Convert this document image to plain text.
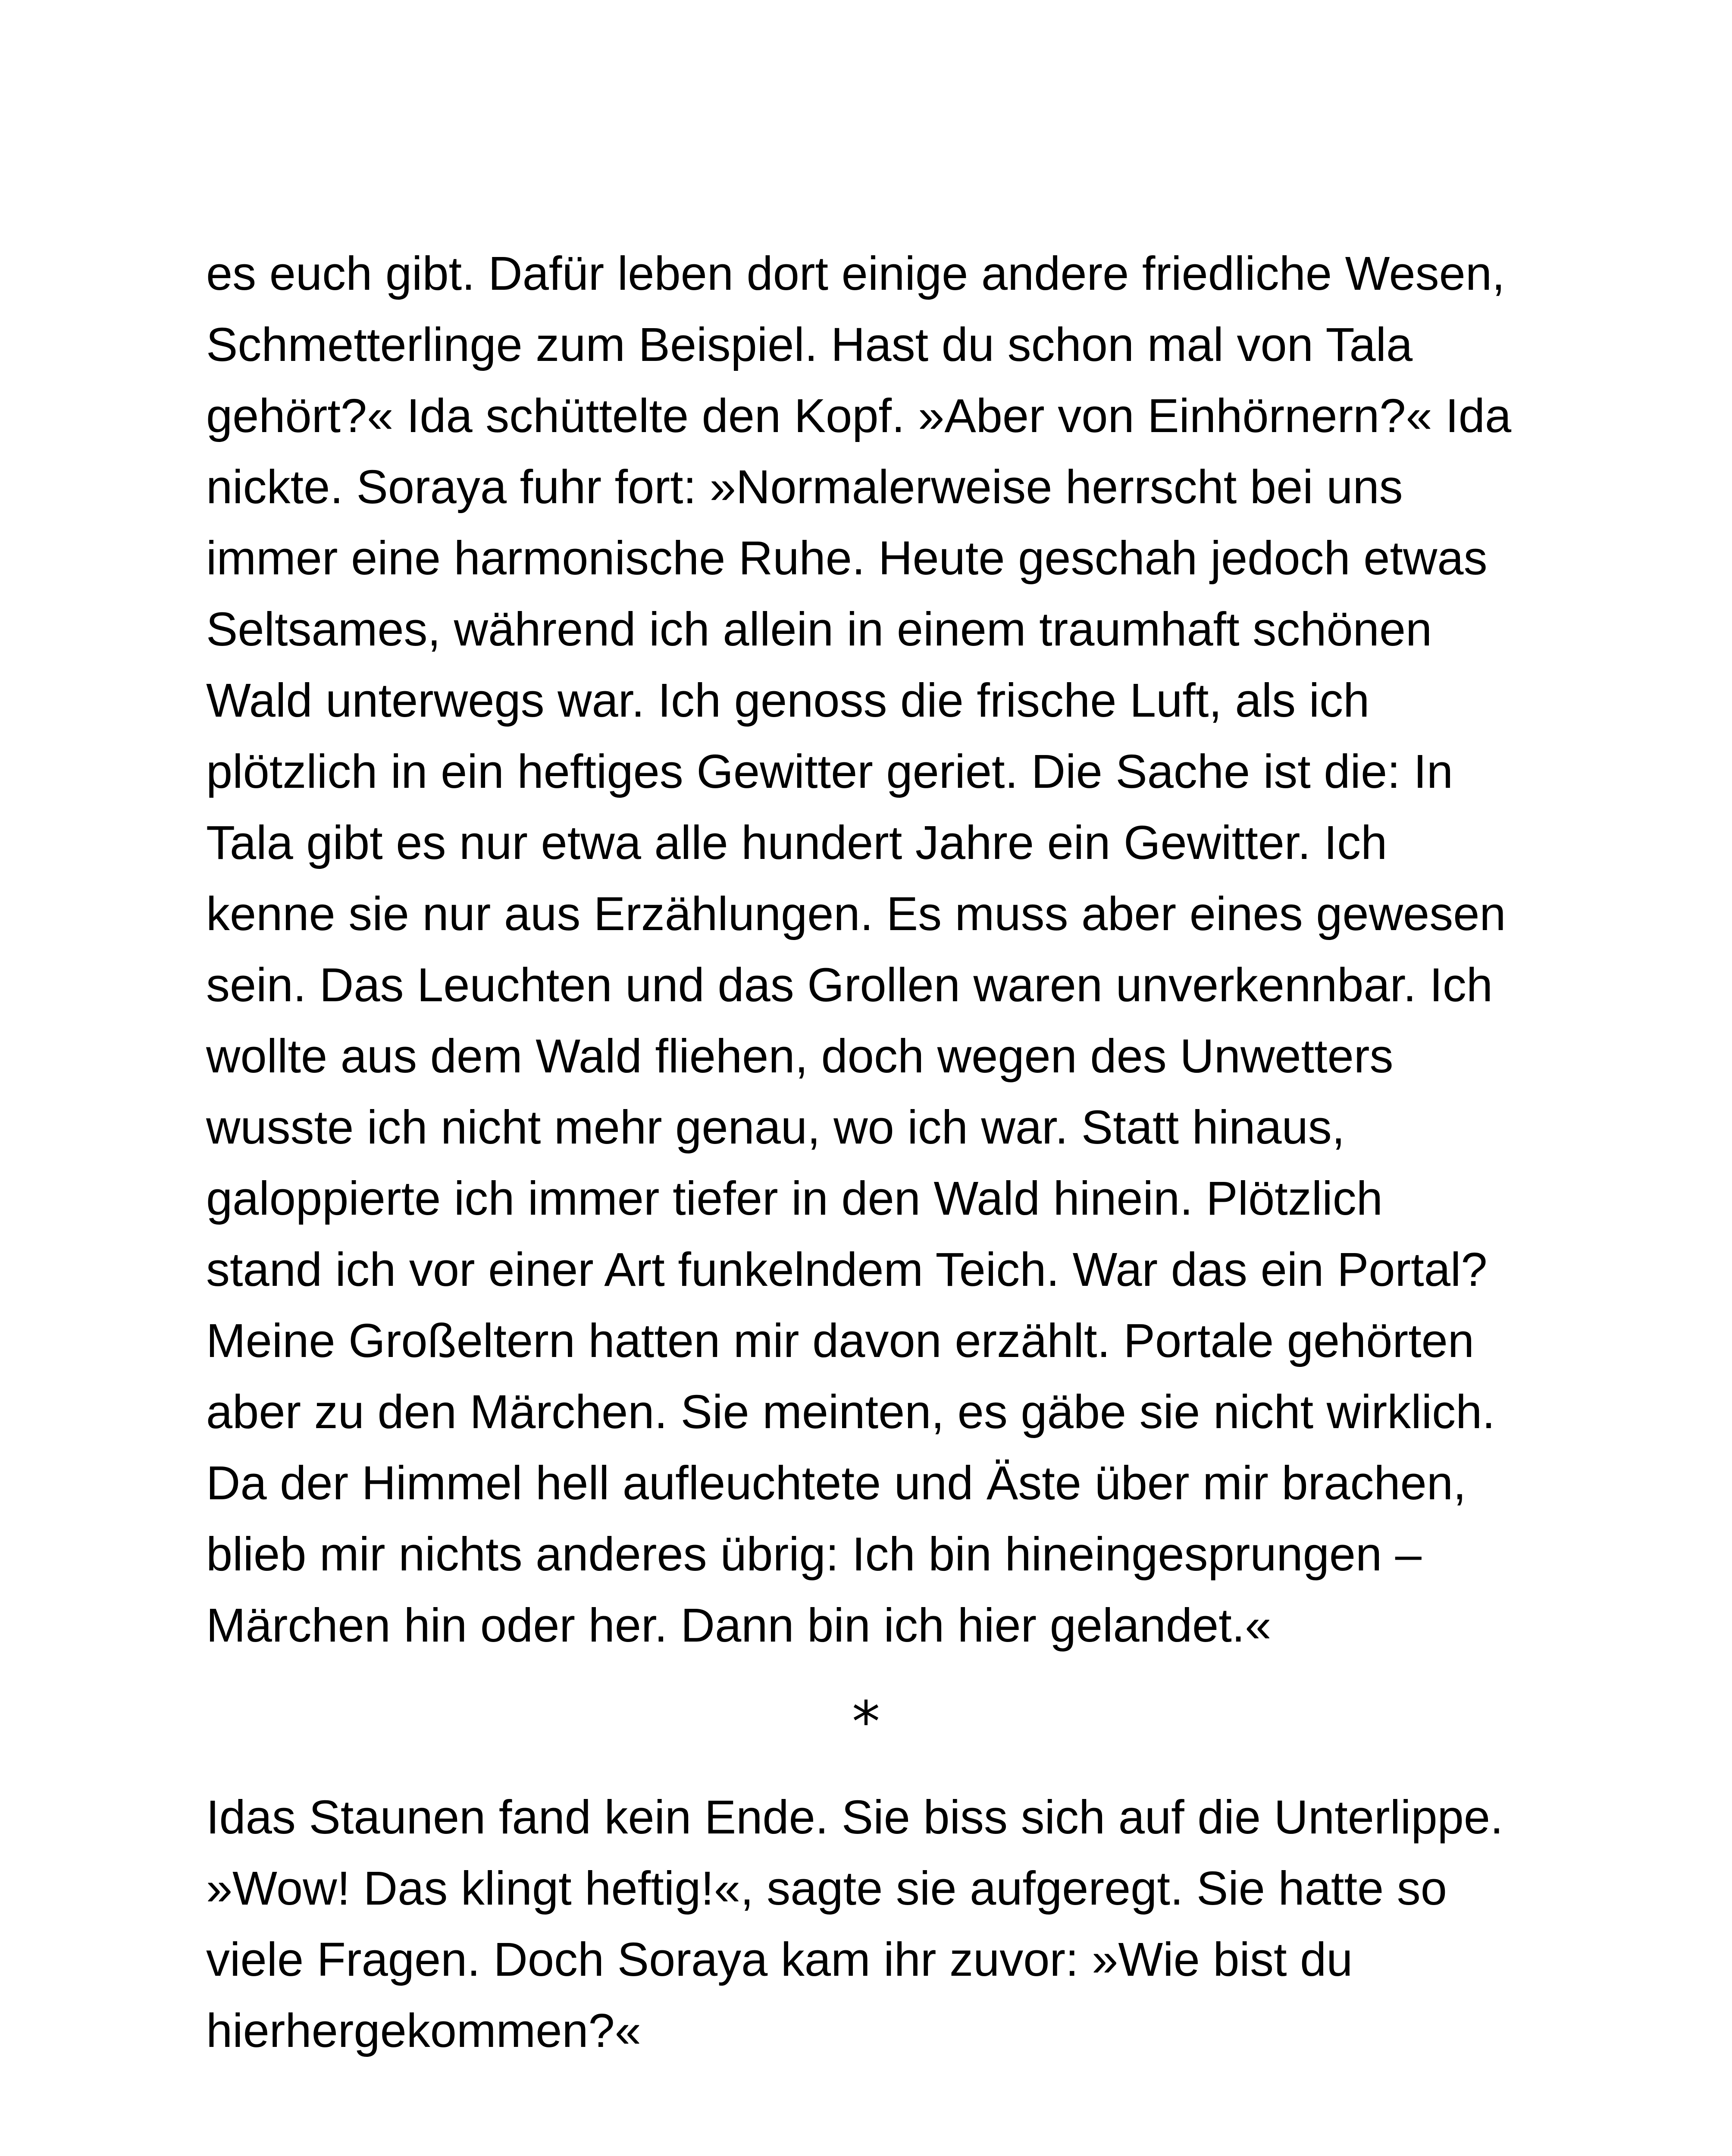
es euch gibt. Dafür leben dort einige andere friedliche Wesen,
Schmetterlinge zum Beispiel. Hast du schon mal von Tala
gehört?« Ida schüttelte den Kopf. »Aber von Einhörnern?« Ida
nickte. Soraya fuhr fort: »Normalerweise herrscht bei uns
immer eine harmonische Ruhe. Heute geschah jedoch etwas
Seltsames, während ich allein in einem traumhaft schönen
Wald unterwegs war. Ich genoss die frische Luft, als ich
plötzlich in ein heftiges Gewitter geriet. Die Sache ist die: In
Tala gibt es nur etwa alle hundert Jahre ein Gewitter. Ich
kenne sie nur aus Erzählungen. Es muss aber eines gewesen
sein. Das Leuchten und das Grollen waren unverkennbar. Ich
wollte aus dem Wald fliehen, doch wegen des Unwetters
wusste ich nicht mehr genau, wo ich war. Statt hinaus,
galoppierte ich immer tiefer in den Wald hinein. Plötzlich
stand ich vor einer Art funkelndem Teich. War das ein Portal?
Meine Großeltern hatten mir davon erzählt. Portale gehörten
aber zu den Märchen. Sie meinten, es gäbe sie nicht wirklich.
Da der Himmel hell aufleuchtete und Äste über mir brachen,
blieb mir nichts anderes übrig: Ich bin hineingesprungen –
Märchen hin oder her. Dann bin ich hier gelandet.«

*

Idas Staunen fand kein Ende. Sie biss sich auf die Unterlippe.
»Wow! Das klingt heftig!«, sagte sie aufgeregt. Sie hatte so
viele Fragen. Doch Soraya kam ihr zuvor: »Wie bist du
hierhergekommen?«
